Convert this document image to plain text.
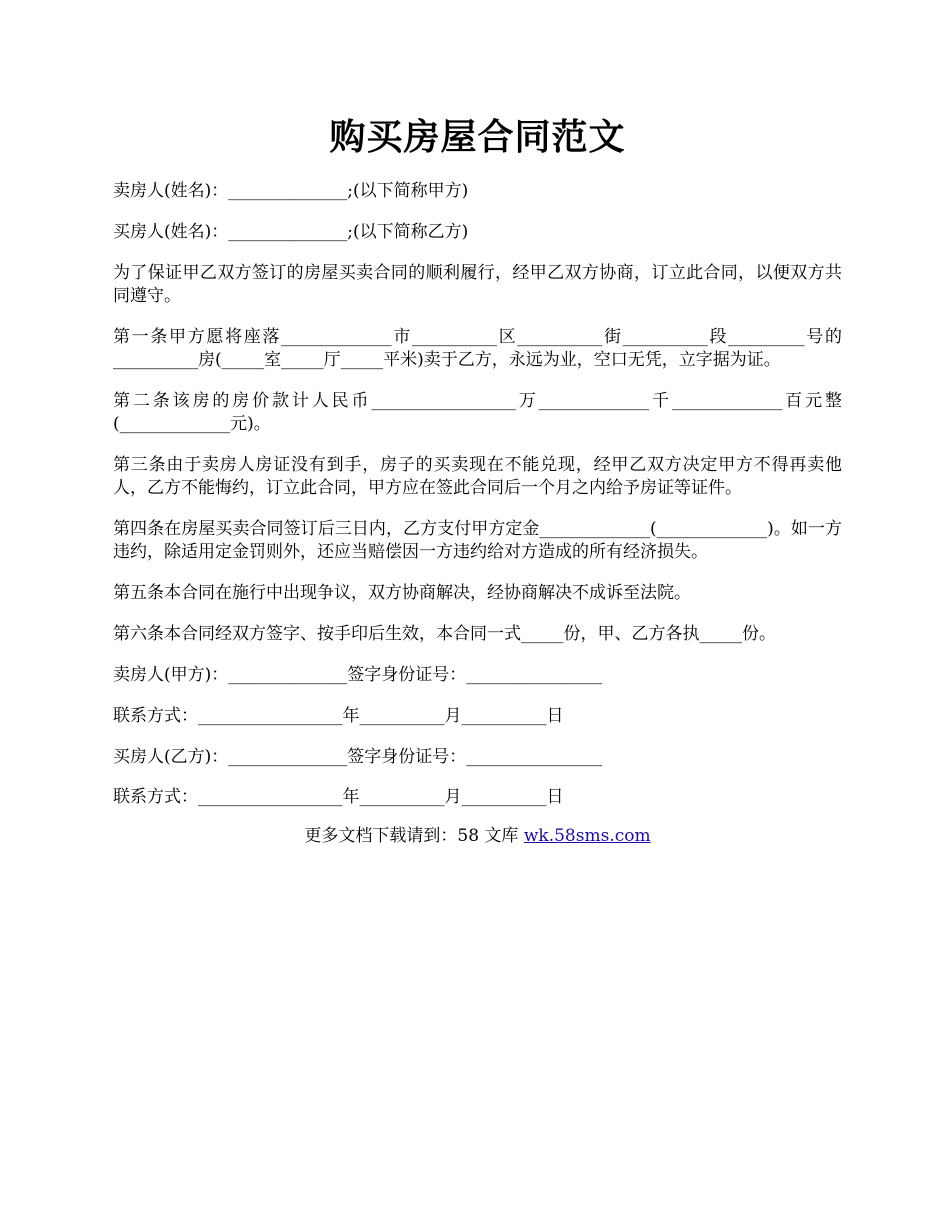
购买房屋合同范文

卖房人(姓名)：______________;(以下简称甲方)

买房人(姓名)：______________;(以下简称乙方)

为了保证甲乙双方签订的房屋买卖合同的顺利履行，经甲乙双方协商，订立此合同，以便双方共同遵守。

第一条甲方愿将座落_____________市__________区__________街__________段_________号的__________房(_____室_____厅_____平米)卖于乙方，永远为业，空口无凭，立字据为证。

第二条该房的房价款计人民币_________________万_____________千_____________百元整(_____________元)。

第三条由于卖房人房证没有到手，房子的买卖现在不能兑现，经甲乙双方决定甲方不得再卖他人，乙方不能悔约，订立此合同，甲方应在签此合同后一个月之内给予房证等证件。

第四条在房屋买卖合同签订后三日内，乙方支付甲方定金_____________(_____________)。如一方违约，除适用定金罚则外，还应当赔偿因一方违约给对方造成的所有经济损失。

第五条本合同在施行中出现争议，双方协商解决，经协商解决不成诉至法院。

第六条本合同经双方签字、按手印后生效，本合同一式_____份，甲、乙方各执_____份。

卖房人(甲方)：______________签字身份证号：________________

联系方式：_________________年__________月__________日

买房人(乙方)：______________签字身份证号：________________

联系方式：_________________年__________月__________日

更多文档下载请到：58 文库 wk.58sms.com
